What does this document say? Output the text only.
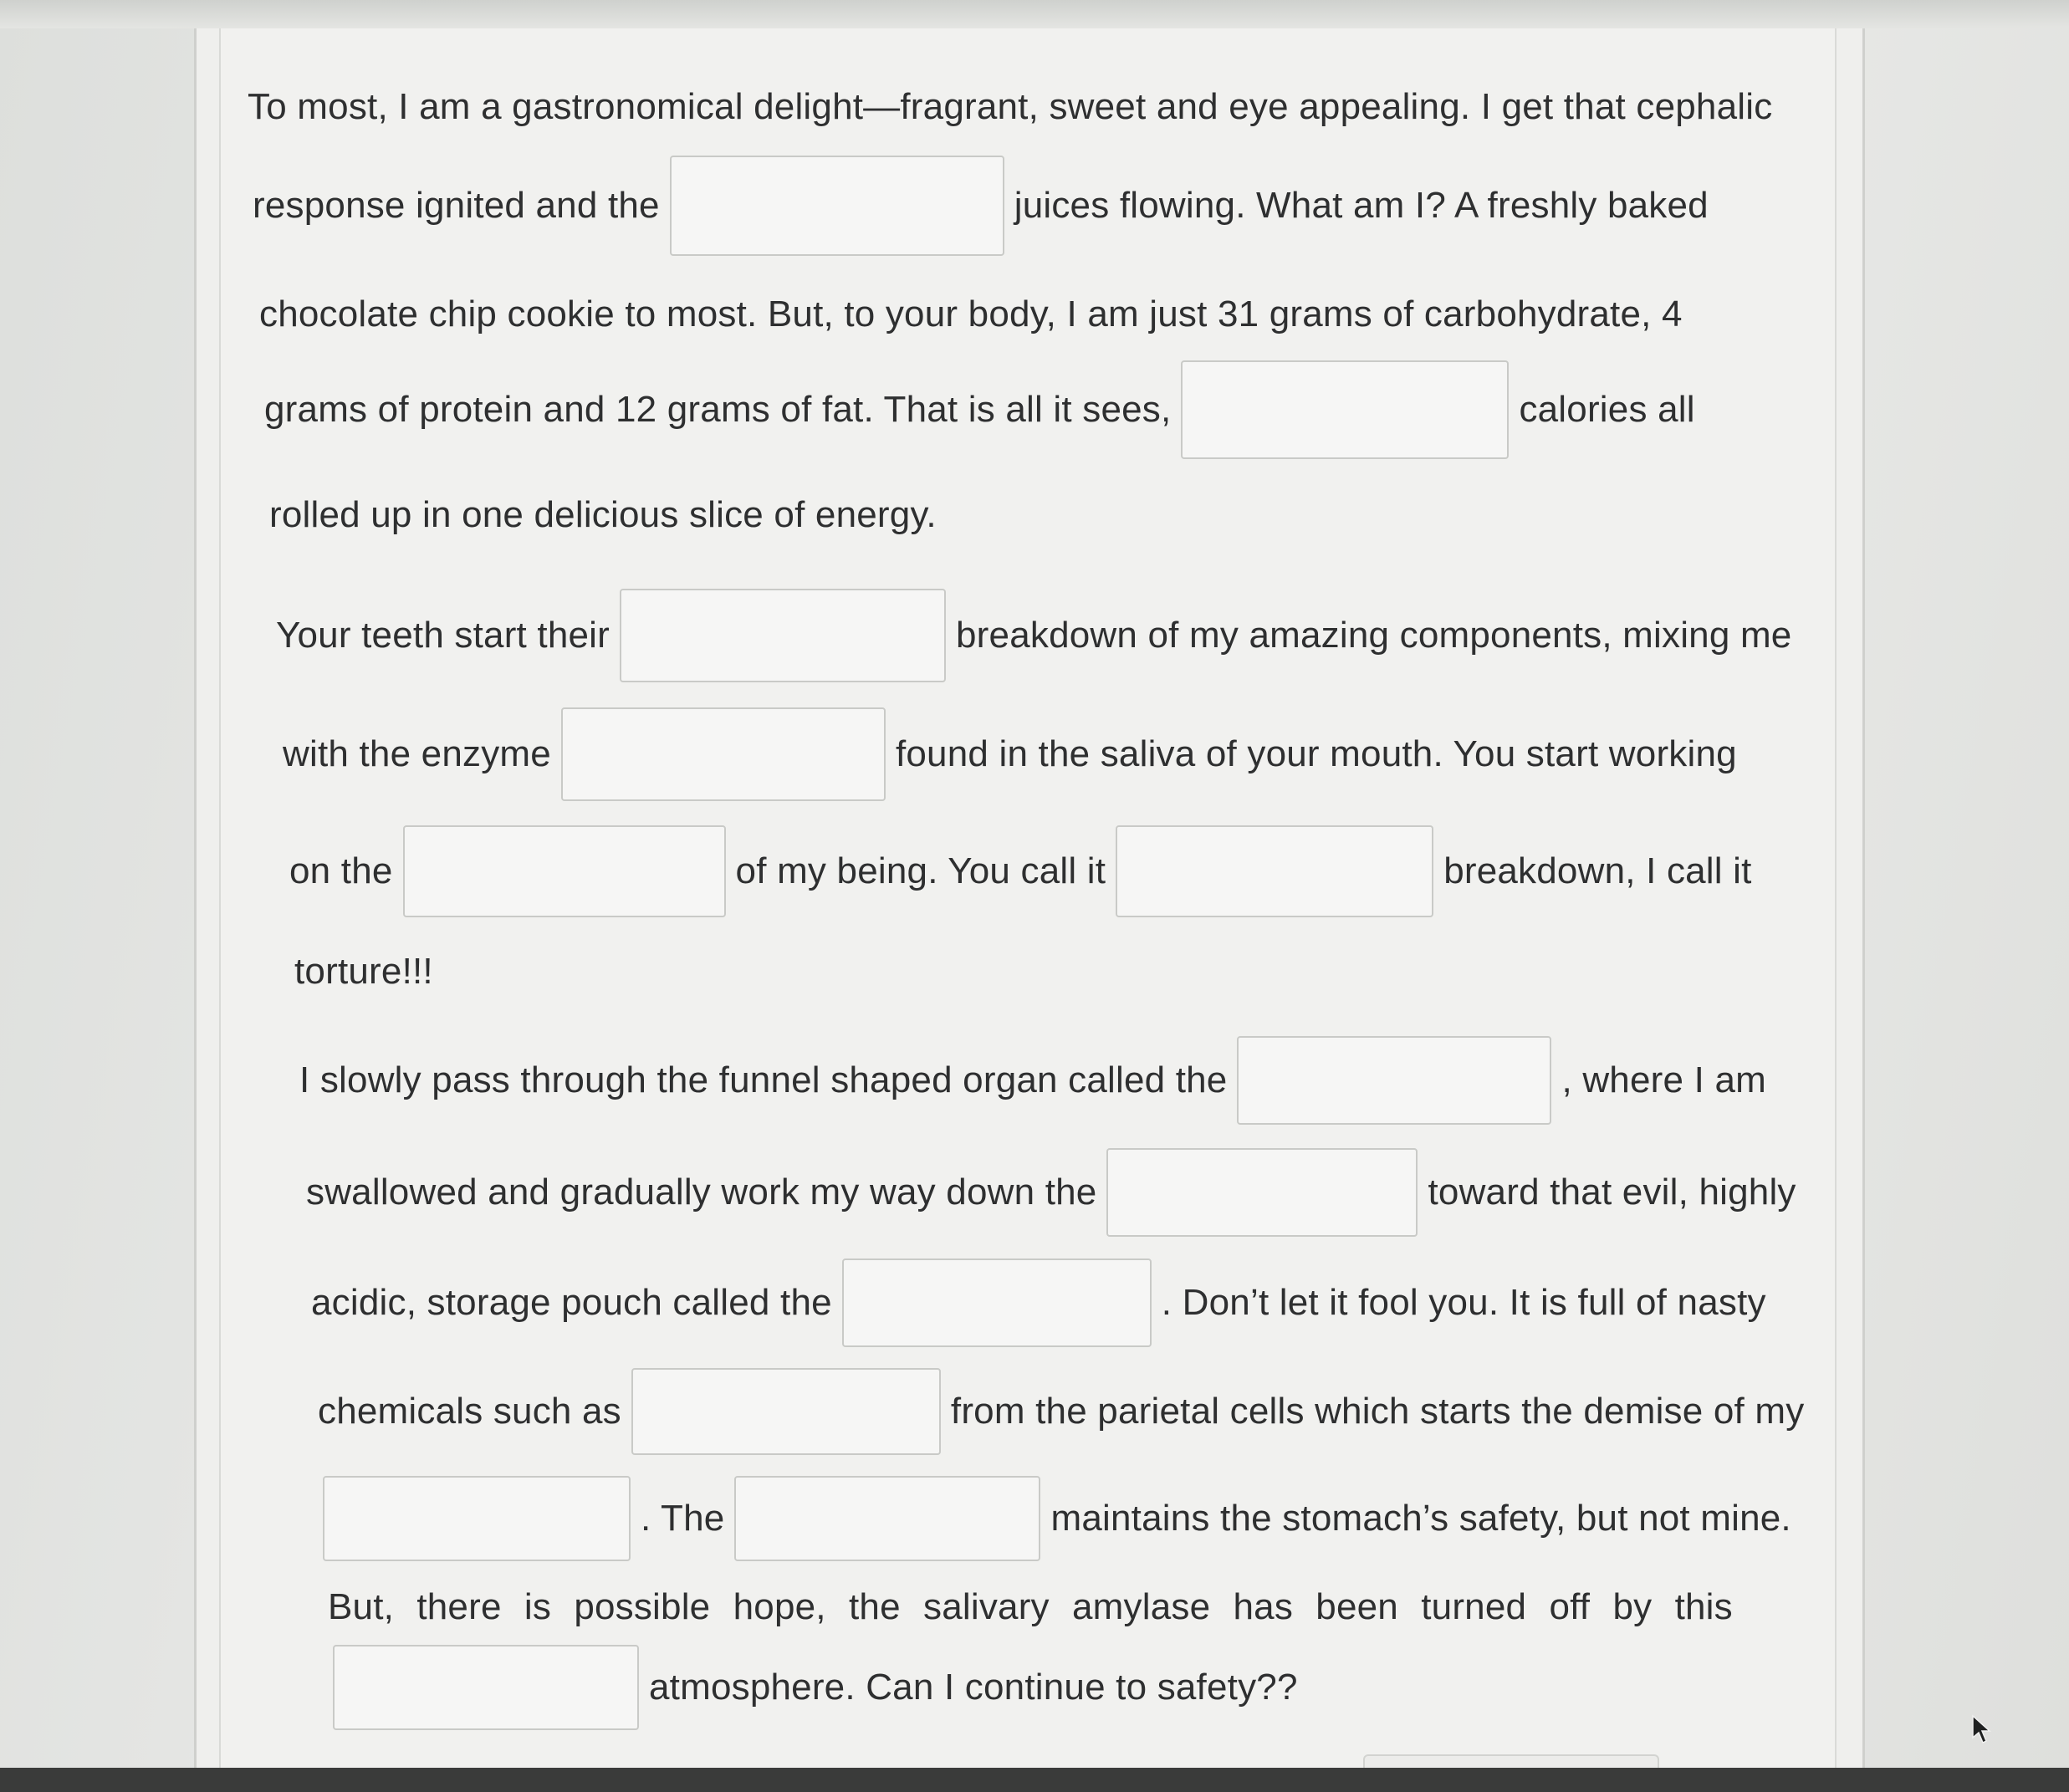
To most, I am a gastronomical delight—fragrant, sweet and eye appealing. I get that cephalic
response ignited and the	juices flowing. What am I? A freshly baked
chocolate chip cookie to most. But, to your body, I am just 31 grams of carbohydrate, 4
grams of protein and 12 grams of fat. That is all it sees,	calories all
rolled up in one delicious slice of energy.
Your teeth start their	breakdown of my amazing components, mixing me
with the enzyme	found in the saliva of your mouth. You start working
on the	of my being. You call it	breakdown, I call it
torture!!!
I slowly pass through the funnel shaped organ called the	, where I am
swallowed and gradually work my way down the	toward that evil, highly
acidic, storage pouch called the	. Don’t let it fool you. It is full of nasty
chemicals such as	from the parietal cells which starts the demise of my
. The	maintains the stomach’s safety, but not mine.
But, there is possible hope, the salivary amylase has been turned off by this
atmosphere. Can I continue to safety??
